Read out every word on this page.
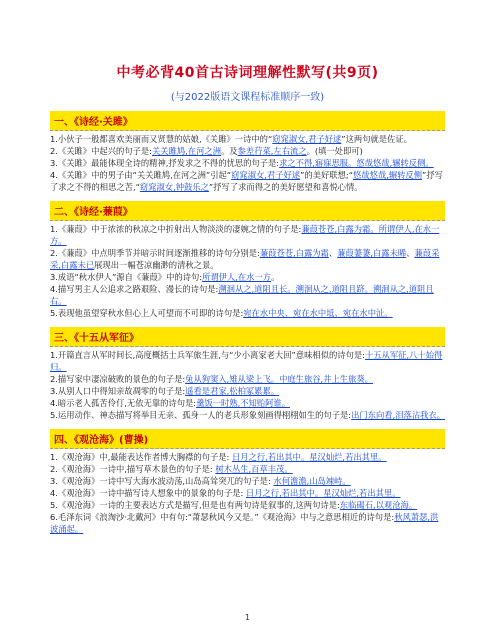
中考必背40首古诗词理解性默写(共9页)
(与2022版语文课程标准顺序一致)
一、《诗经·关雎》

1.小伙子一般都喜欢美丽而又贤慧的姑娘,《关雎》一诗中的“窈窕淑女,君子好逑”这两句就是佐证。

2.《关雎》中起兴的句子是:关关雎鸠,在河之洲。及参差荇菜,左右流之。(填一处即可)

3.《关雎》最能体现全诗的精神,抒发求之不得的忧思的句子是:求之不得,寤寐思服。悠哉悠哉,辗转反侧。

4.《关雎》中的男子由“关关雎鸠,在河之洲”引起“窈窕淑女,君子好逑”的美好联想;“悠哉悠哉,辗转反侧”抒写了求之不得的相思之苦,“窈窕淑女,钟鼓乐之”抒写了求而得之的美好愿望和喜悦心情。

二、《诗经·蒹葭》

1.《蒹葭》中于浓浓的秋凉之中折射出人物淡淡的凄婉之情的句子是:蒹葭苍苍,白露为霜。所谓伊人,在水一方。

2.《蒹葭》中点明季节并暗示时间逐渐推移的诗句分别是:蒹葭苍苍,白露为霜、蒹葭萋萋,白露未晞、蒹葭采采,白露未已展现出一幅苍凉幽渺的清秋之景。

3.成语“秋水伊人”源自《蒹葭》中的诗句:所谓伊人,在水一方。

4.描写男主人公追求之路艰险、漫长的诗句是:溯洄从之,道阻且长。溯洄从之,道阻且跻。溯洄从之,道阻且右。

5.表现他虽望穿秋水但心上人可望而不可即的诗句是:宛在水中央、宛在水中坻、宛在水中沚。

三、《十五从军征》

1.开篇直言从军时间长,高度概括士兵军旅生涯,与“少小离家老大回”意味相似的诗句是:十五从军征,八十始得归。

2.描写家中凄凉破败的景色的句子是:兔从狗窦入,雉从梁上飞。中庭生旅谷,井上生旅葵。

3.从别人口中得知亲故凋零的句子是:遥看是君家,松柏冢累累。

4.暗示老人孤苦伶仃,无依无靠的诗句是:羹饭一时熟,不知贻阿谁。

5.运用动作、神态描写将举目无亲、孤身一人的老兵形象刻画得栩栩如生的句子是:出门东向看,泪落沾我衣。

四、《观沧海》(曹操)

1.《观沧海》中,最能表达作者博大胸襟的句子是: 日月之行,若出其中。星汉灿烂,若出其里。

2.《观沧海》一诗中,描写草木景色的句子是: 树木丛生,百草丰茂。

3.《观沧海》一诗中写大海水波动荡,山岛高耸突兀的句子是: 水何澹澹,山岛竦峙。

4.《观沧海》一诗中描写诗人想象中的景象的句子是: 日月之行,若出其中。星汉灿烂,若出其里。

5.《观沧海》一诗的主要表达方式是描写,但是也有两句诗是叙事的,这两句诗是:东临碣石,以观沧海。

6.毛泽东词《浪淘沙·北戴河》中有句:“萧瑟秋风今又是。”《观沧海》中与之意思相近的诗句是:秋风萧瑟,洪波涌起。

1
